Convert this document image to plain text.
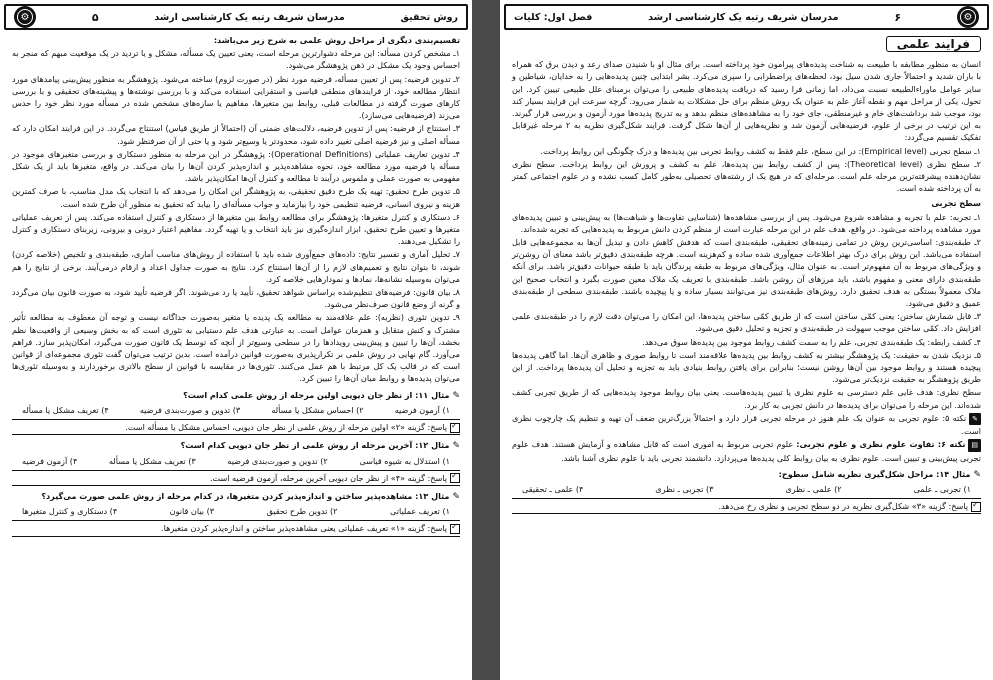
روش تحقیق
مدرسان شریف رتبه یک کارشناسی ارشد
۵
⚙

تقسیم‌بندی دیگری از مراحل روش علمی به شرح زیر می‌باشد:

۱ـ مشخص کردن مسأله: این مرحله دشوارترین مرحله است، یعنی تعیین یک مسأله، مشکل و یا تردید در یک موقعیت مبهم که منجر به احساس وجود یک مشکل در ذهن پژوهشگر می‌شود.

۲ـ تدوین فرضیه: پس از تعیین مسأله، فرضیه مورد نظر (در صورت لزوم) ساخته می‌شود. پژوهشگر به منظور پیش‌بینی پیامدهای مورد انتظار مطالعه خود، از فرایندهای منطقی قیاسی و استقرایی استفاده می‌کند و با بررسی نوشته‌ها و پیشینه‌های تحقیقی و با بررسی کارهای صورت گرفته در مطالعات قبلی، روابط بین متغیرها، مفاهیم یا سازه‌های مشخص شده در مسأله مورد نظر خود را حدس می‌زند (فرضیه‌هایی می‌سازد).

۳ـ استنتاج از فرضیه: پس از تدوین فرضیه، دلالت‌های ضمنی آن (احتمالاً از طریق قیاس) استنتاج می‌گردد. در این فرایند امکان دارد که مسأله اصلی و نیز فرضیه اصلی تغییر داده شود، محدودتر یا وسیع‌تر شود و یا حتی از آن صرفنظر شود.

۴ـ تدوین تعاریف عملیاتی (Operational Definitions): پژوهشگر در این مرحله به منظور دستکاری و بررسی متغیرهای موجود در مسأله یا فرضیه مورد مطالعه خود، نحوه مشاهده‌پذیر و اندازه‌پذیر کردن آن‌ها را بیان می‌کند. در واقع، متغیرها باید از یک شکل مفهومی به صورت عملی و ملموس درآیند تا مطالعه و کنترل آن‌ها امکان‌پذیر باشد.

۵ـ تدوین طرح تحقیق: تهیه یک طرح دقیق تحقیقی، به پژوهشگر این امکان را می‌دهد که با انتخاب یک مدل مناسب، با صرف کمترین هزینه و نیروی انسانی، فرضیه تنظیمی خود را بیازماید و جواب مسأله‌ای را بیابد که تحقیق به منظور آن طرح شده است.

۶ـ دستکاری و کنترل متغیرها: پژوهشگر برای مطالعه روابط بین متغیرها از دستکاری و کنترل استفاده می‌کند. پس از تعریف عملیاتی متغیرها و تعیین طرح تحقیق، ابزار اندازه‌گیری نیز باید انتخاب و یا تهیه گردد. مفاهیم اعتبار درونی و بیرونی، زیربنای دستکاری و کنترل را تشکیل می‌دهند.

۷ـ تحلیل آماری و تفسیر نتایج: داده‌های جمع‌آوری شده باید با استفاده از روش‌های مناسب آماری، طبقه‌بندی و تلخیص (خلاصه کردن) شوند، تا بتوان نتایج و تعمیم‌های لازم را از آن‌ها استنتاج کرد. نتایج به صورت جداول اعداد و ارقام درمی‌آیند. برخی از نتایج را هم می‌توان به‌وسیله نشانه‌ها، نمادها و نمودارهایی خلاصه کرد.

۸ـ بیان قانون: فرضیه‌های تنظیم‌شده براساس شواهد تحقیق، تأیید یا رد می‌شوند. اگر فرضیه تأیید شود، به صورت قانون بیان می‌گردد و گرنه از وضع قانون صرف‌نظر می‌شود.

۹ـ تدوین تئوری (نظریه): علم علاقه‌مند به مطالعه یک پدیده یا متغیر به‌صورت جداگانه نیست و توجه آن معطوف به مطالعه تأثیر مشترک و کنش متقابل و همزمان عوامل است. به عبارتی هدف علم دستیابی به تئوری است که به بخش وسیعی از واقعیت‌ها نظم بخشد، آن‌ها را تبیین و پیش‌بینی رویدادها را در سطحی وسیع‌تر از آنچه که توسط یک قانون صورت می‌گیرد، امکان‌پذیر سازد. فراهم می‌آورد. گام نهایی در روش علمی بر تکرارپذیری به‌صورت قوانین درآمده است. بدین ترتیب می‌توان گفت تئوری مجموعه‌ای از قوانین است که در قالب یک کل مرتبط با هم عمل می‌کنند. تئوری‌ها در مقایسه با قوانین از سطح بالاتری برخوردارند و به‌وسیله تئوری‌ها می‌توان پدیده‌ها و روابط میان آن‌ها را تبیین کرد.

✎مثال ۱۱: از نظر جان دیویی اولین مرحله از روش علمی کدام است؟
۱) آزمون فرضیه
۲) احساس مشکل یا مسأله
۳) تدوین و صورت‌بندی فرضیه
۴) تعریف مشکل یا مسأله
✓پاسخ: گزینه «۲» اولین مرحله از روش علمی از نظر جان دیویی، احساس مشکل یا مسأله است.
✎مثال ۱۲: آخرین مرحله از روش علمی از نظر جان دیویی کدام است؟
۱) استدلال به شیوه قیاسی
۲) تدوین و صورت‌بندی فرضیه
۳) تعریف مشکل یا مسأله
۴) آزمون فرضیه
✓پاسخ: گزینه «۴» از نظر جان دیویی آخرین مرحله، آزمون فرضیه است.
✎مثال ۱۳: مشاهده‌پذیر ساختن و اندازه‌پذیر کردن متغیرها، در کدام مرحله از روش علمی صورت می‌گیرد؟
۱) تعریف عملیاتی
۲) تدوین طرح تحقیق
۳) بیان قانون
۴) دستکاری و کنترل متغیرها
✓پاسخ: گزینه «۱» تعریف عملیاتی یعنی مشاهده‌پذیر ساختن و اندازه‌پذیر کردن متغیرها.
⚙
۶
مدرسان شریف رتبه یک کارشناسی ارشد
فصل اول: کلیات
فرایند علمی

انسان به منظور مطابقه با طبیعت به شناخت پدیده‌های پیرامون خود پرداخته است. برای مثال او با شنیدن صدای رعد و دیدن برق که همراه با باران شدید و احتمالاً جاری شدن سیل بود، لحظه‌های پراضطرابی را سپری می‌کرد. بشر ابتدایی چنین پدیده‌هایی را به خدایان، شیاطین و سایر عوامل ماوراءالطبیعه نسبت می‌داد، اما زمانی فرا رسید که دریافت پدیده‌های طبیعی را می‌توان برمبنای علل طبیعی تبیین کرد. این تحول، یکی از مراحل مهم و نقطه آغاز علم به عنوان یک روش منظم برای حل مشکلات به شمار می‌رود. گرچه سرعت این فرایند بسیار کند بود، موجب شد برداشت‌های خام و غیرمنطقی، جای خود را به مشاهده‌های منظم بدهد و به تدریج پدیده‌ها مورد آزمون و بررسی قرار گیرند. به این ترتیب در برخی از علوم، فرضیه‌هایی آزمون شد و نظریه‌هایی از آن‌ها شکل گرفت. فرایند شکل‌گیری نظریه به ۲ مرحله غیرقابل تفکیک تقسیم می‌گردد:

۱ـ سطح تجربی (Empirical level): در این سطح، علم فقط به کشف روابط تجربی بین پدیده‌ها و درک چگونگی این روابط پرداخت.

۲ـ سطح نظری (Theoretical level): پس از کشف روابط بین پدیده‌ها، علم به کشف و پرورش این روابط پرداخت. سطح نظری نشان‌دهنده پیشرفته‌ترین مرحله علم است. مرحله‌ای که در هیچ یک از رشته‌های تحصیلی به‌طور کامل کسب نشده و در علوم اجتماعی کمتر به آن پرداخته شده است.

سطح تجربی

۱ـ تجربه: علم با تجربه و مشاهده شروع می‌شود. پس از بررسی مشاهده‌ها (شناسایی تفاوت‌ها و شباهت‌ها) به پیش‌بینی و تبیین پدیده‌های مورد مشاهده پرداخته می‌شود. در واقع، هدف علم در این مرحله عبارت است از منظم کردن دانش مربوط به پدیده‌هایی که تجربه شده‌اند.

۲ـ طبقه‌بندی: اساسی‌ترین روش در تمامی زمینه‌های تحقیقی، طبقه‌بندی است که هدفش کاهش دادن و تبدیل آن‌ها به مجموعه‌هایی قابل استفاده می‌باشد. این روش برای درک بهتر اطلاعات جمع‌آوری شده ساده و کم‌هزینه است. هرچه طبقه‌بندی دقیق‌تر باشد معنای آن روشن‌تر و ویژگی‌های مربوط به آن مفهوم‌تر است. به عنوان مثال، ویژگی‌های مربوط به طبقه پرندگان باید با طبقه حیوانات دقیق‌تر باشد. برای آنکه طبقه‌بندی دارای معنی و مفهوم باشد، باید مرزهای آن روشن باشد. طبقه‌بندی با تعریف یک ملاک معین صورت بگیرد و انتخاب صحیح این ملاک معمولاً بستگی به هدف تحقیق دارد. روش‌های طبقه‌بندی نیز می‌توانند بسیار ساده و یا پیچیده باشند. طبقه‌بندی سطحی از طبقه‌بندی عمیق و دقیق می‌شود.

۳ـ قابل شمارش ساختن: یعنی کمّی ساختن است که از طریق کمّی ساختن پدیده‌ها، این امکان را می‌توان دقت لازم را در طبقه‌بندی علمی افزایش داد. کمّی ساختن موجب سهولت در طبقه‌بندی و تجزیه و تحلیل دقیق می‌شود.

۴ـ کشف رابطه: یک طبقه‌بندی تجربی، علم را به سمت کشف روابط موجود بین پدیده‌ها سوق می‌دهد.

۵ـ نزدیک شدن به حقیقت: یک پژوهشگر بیشتر به کشف روابط بین پدیده‌ها علاقه‌مند است تا روابط صوری و ظاهری آن‌ها. اما گاهی پدیده‌ها پیچیده هستند و روابط موجود بین آن‌ها روشن نیست؛ بنابراین برای یافتن روابط بنیادی باید به تجزیه و تحلیل آن پدیده‌ها پرداخت. از این طریق پژوهشگر به حقیقت نزدیک‌تر می‌شود.

سطح نظری: هدف غایی علم دسترسی به علوم نظری یا تبیین پدیده‌هاست. یعنی بیان روابط موجود پدیده‌هایی که از طریق تجربی کشف شده‌اند. این مرحله را می‌توان برای پدیده‌ها در دانش تجربی به کار برد.

✎نکته ۵: علوم تجربی به عنوان یک علم هنوز در مرحله تجربی قرار دارد و احتمالاً بزرگ‌ترین ضعف آن تهیه و تنظیم یک چارچوب نظری است.

▤نکته ۶: تفاوت علوم نظری و علوم تجربی: علوم تجربی مربوط به اموری است که قابل مشاهده و آزمایش هستند. هدف علوم تجربی پیش‌بینی و تبیین است. علوم نظری به بیان روابط کلی پدیده‌ها می‌پردازد. دانشمند تجربی باید با علوم نظری آشنا باشد.

✎مثال ۱۴: مراحل شکل‌گیری نظریه شامل سطوح:
۱) تجربی ـ علمی
۲) علمی ـ نظری
۳) تجربی ـ نظری
۴) علمی ـ تحقیقی
✓پاسخ: گزینه «۳» شکل‌گیری نظریه در دو سطح تجربی و نظری رخ می‌دهد.
